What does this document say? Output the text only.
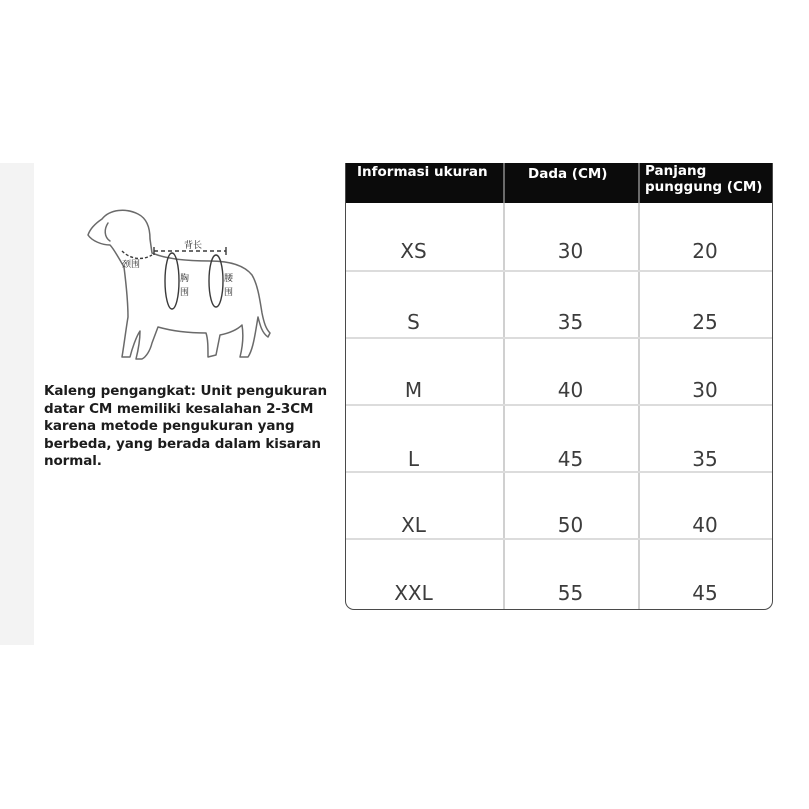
背长
颈围
胸
围
腰
围
Kaleng pengangkat: Unit pengukuran datar CM memiliki kesalahan 2-3CM karena metode pengukuran yang berbeda, yang berada dalam kisaran normal.
Informasi ukuran	Dada (CM)	Panjang
punggung (CM)
XS	30	20
S	35	25
M	40	30
L	45	35
XL	50	40
XXL	55	45
